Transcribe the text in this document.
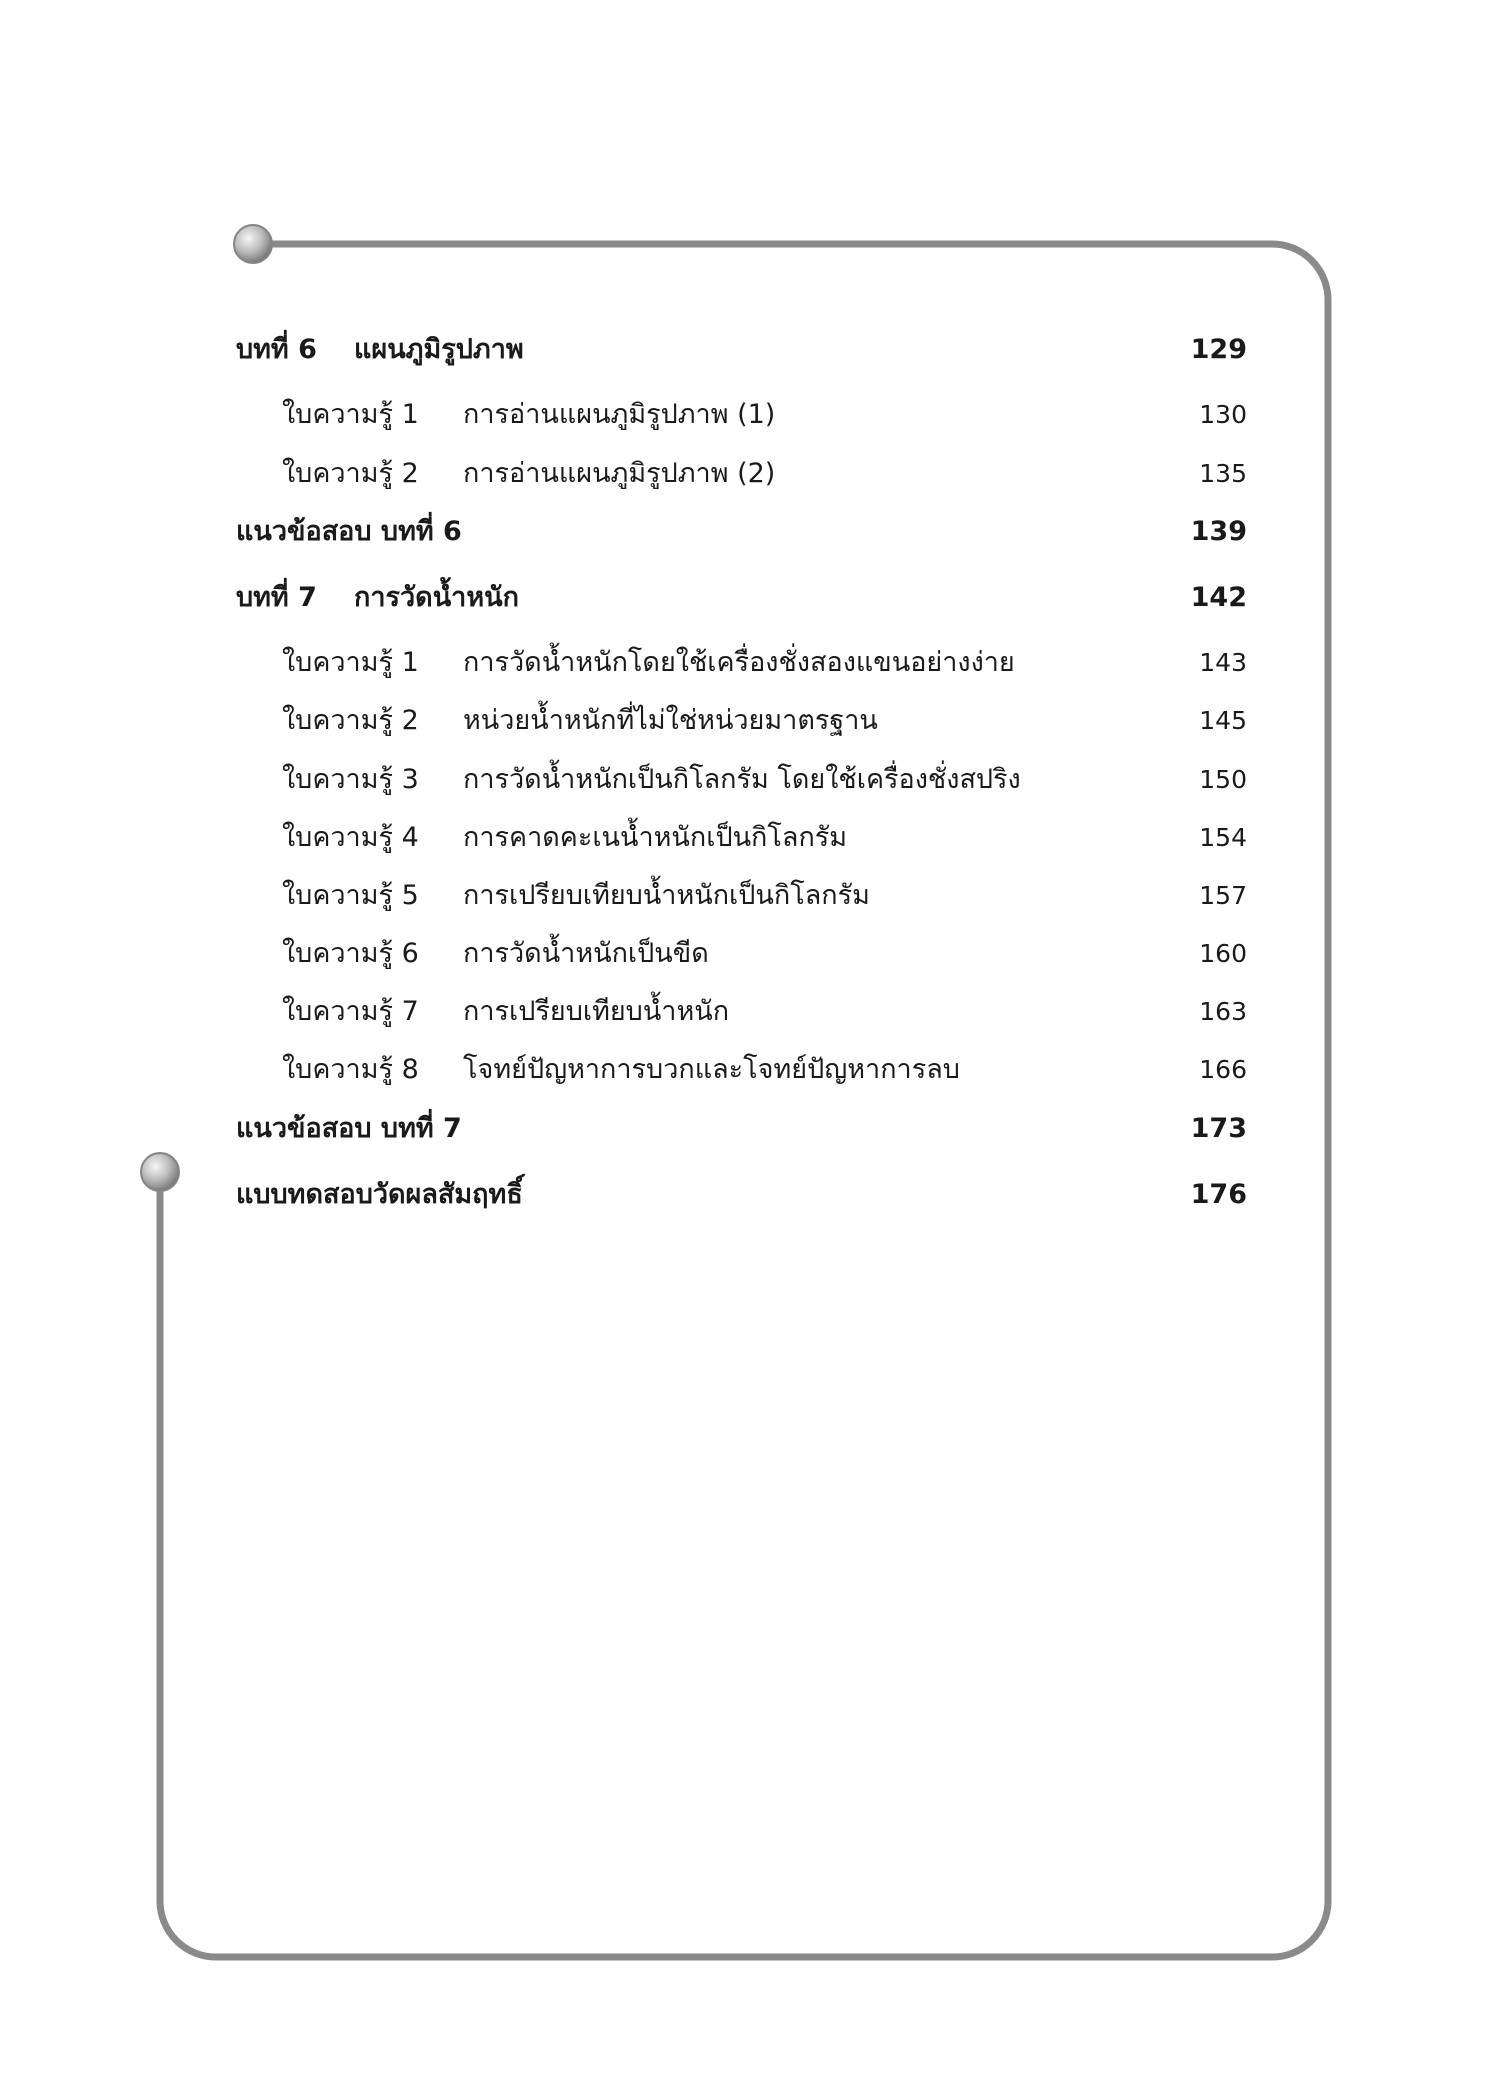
บทที่ 6 แผนภูมิรูปภาพ	129
ใบความรู้ 1 การอ่านแผนภูมิรูปภาพ (1)	130
ใบความรู้ 2 การอ่านแผนภูมิรูปภาพ (2)	135
แนวข้อสอบ บทที่ 6	139
บทที่ 7 การวัดน้ำหนัก	142
ใบความรู้ 1 การวัดน้ำหนักโดยใช้เครื่องชั่งสองแขนอย่างง่าย	143
ใบความรู้ 2 หน่วยน้ำหนักที่ไม่ใช่หน่วยมาตรฐาน	145
ใบความรู้ 3 การวัดน้ำหนักเป็นกิโลกรัม โดยใช้เครื่องชั่งสปริง	150
ใบความรู้ 4 การคาดคะเนน้ำหนักเป็นกิโลกรัม	154
ใบความรู้ 5 การเปรียบเทียบน้ำหนักเป็นกิโลกรัม	157
ใบความรู้ 6 การวัดน้ำหนักเป็นขีด	160
ใบความรู้ 7 การเปรียบเทียบน้ำหนัก	163
ใบความรู้ 8 โจทย์ปัญหาการบวกและโจทย์ปัญหาการลบ	166
แนวข้อสอบ บทที่ 7	173
แบบทดสอบวัดผลสัมฤทธิ์	176
